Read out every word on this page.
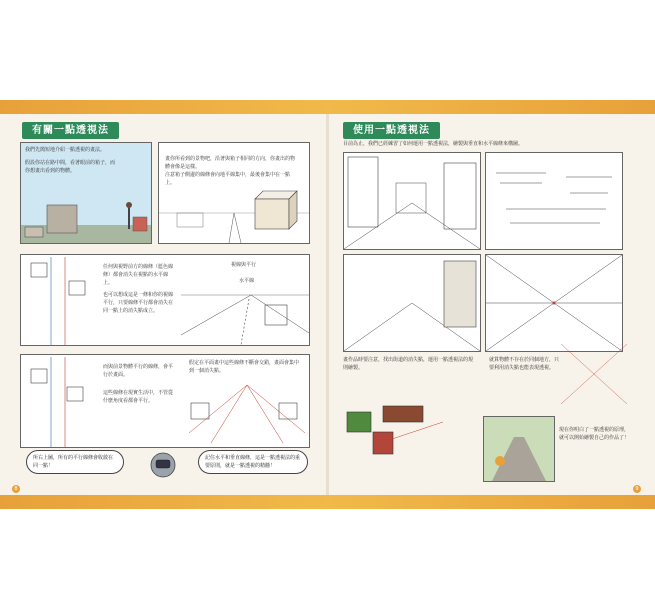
有關一點透視法
我們先簡短地介紹一點透視的畫法。
假設你站在路中間，看著眼前的箱子，而你想畫出看到的物體。
畫你所看到的景物吧，沿著與箱子相同的方向，你畫出的物體會像是這樣。
注意箱子側邊的線條會向地平線集中，最後會集中在一點上。
任何與視野前方的線條（藍色線條）都會消失在視點的水平線上。
也可以想成這是一條和你的視線平行，只要線條平行都會消失在同一點上的消失點成立。
視線與平行
水平線
而與前景物體平行的線條，會平行於畫面。
這些線條在現實生活中，不管從什麼角度看都會平行。
假定在平面畫中這些線條不斷會交錯，畫面會集中到一個消失點。
所右上圖，所有的平行線條會收斂在同一點！
記住水平和垂直線條，這是一點透視法的重要原則，就是一點透視的精髓！
8
使用一點透視法
目前為止，我們已經練習了如何運用一點透視法，繪製與垂直和水平線條來構圖。
畫作品時要注意，找出街道的消失點，運用一點透視法的規則繪製。
就算物體不存在於同個地方，只要利用消失點也能表現透視。
現在你明白了一點透視的原理，就可以開始繪製自己的作品了！
9
